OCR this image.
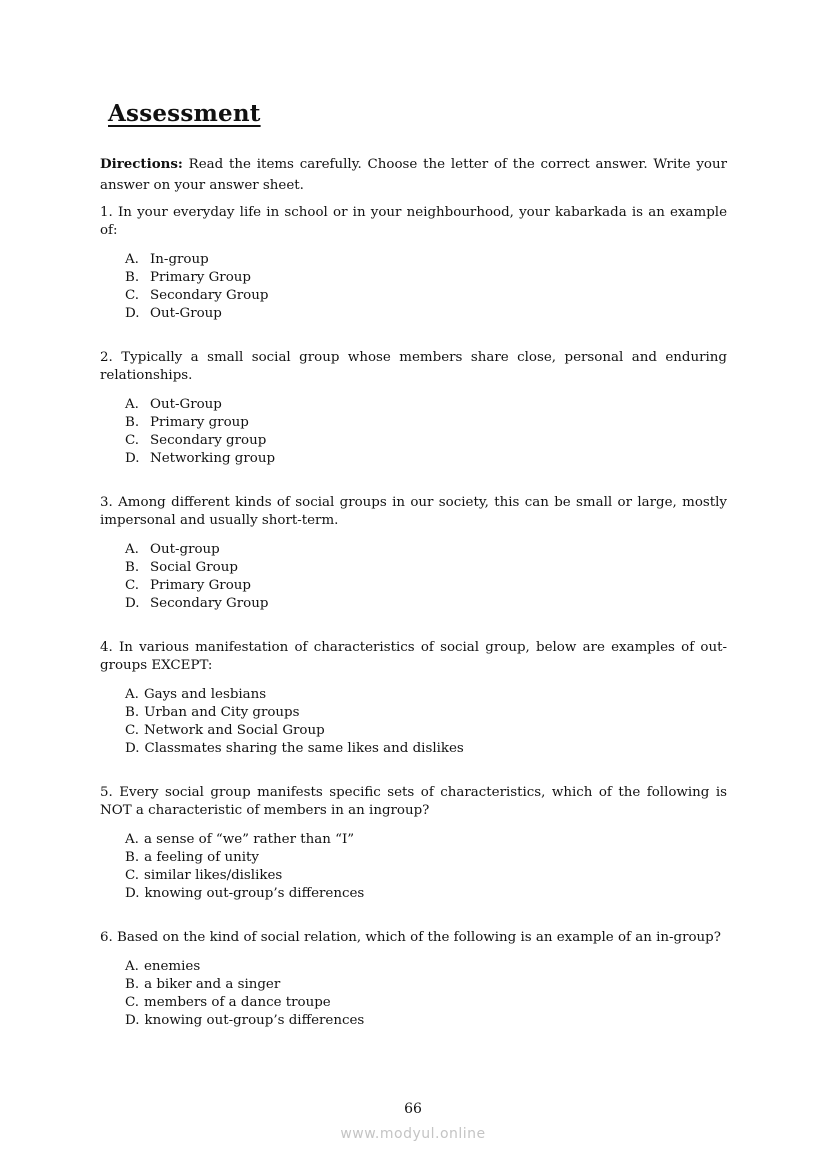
Assessment
Directions: Read the items carefully. Choose the letter of the correct answer. Write your answer on your answer sheet.
1. In your everyday life in school or in your neighbourhood, your kabarkada is an example of:
A. In-group
B. Primary Group
C. Secondary Group
D. Out-Group
2. Typically a small social group whose members share close, personal and enduring relationships.
A. Out-Group
B. Primary group
C. Secondary group
D. Networking group
3. Among different kinds of social groups in our society, this can be small or large, mostly impersonal and usually short-term.
A. Out-group
B. Social Group
C. Primary Group
D. Secondary Group
4. In various manifestation of characteristics of social group, below are examples of out-groups EXCEPT:
A. Gays and lesbians
B. Urban and City groups
C. Network and Social Group
D. Classmates sharing the same likes and dislikes
5. Every social group manifests specific sets of characteristics, which of the following is NOT a characteristic of members in an ingroup?
A. a sense of “we” rather than “I”
B. a feeling of unity
C. similar likes/dislikes
D. knowing out-group’s differences
6. Based on the kind of social relation, which of the following is an example of an in-group?
A. enemies
B. a biker and a singer
C. members of a dance troupe
D. knowing out-group’s differences
66
www.modyul.online
